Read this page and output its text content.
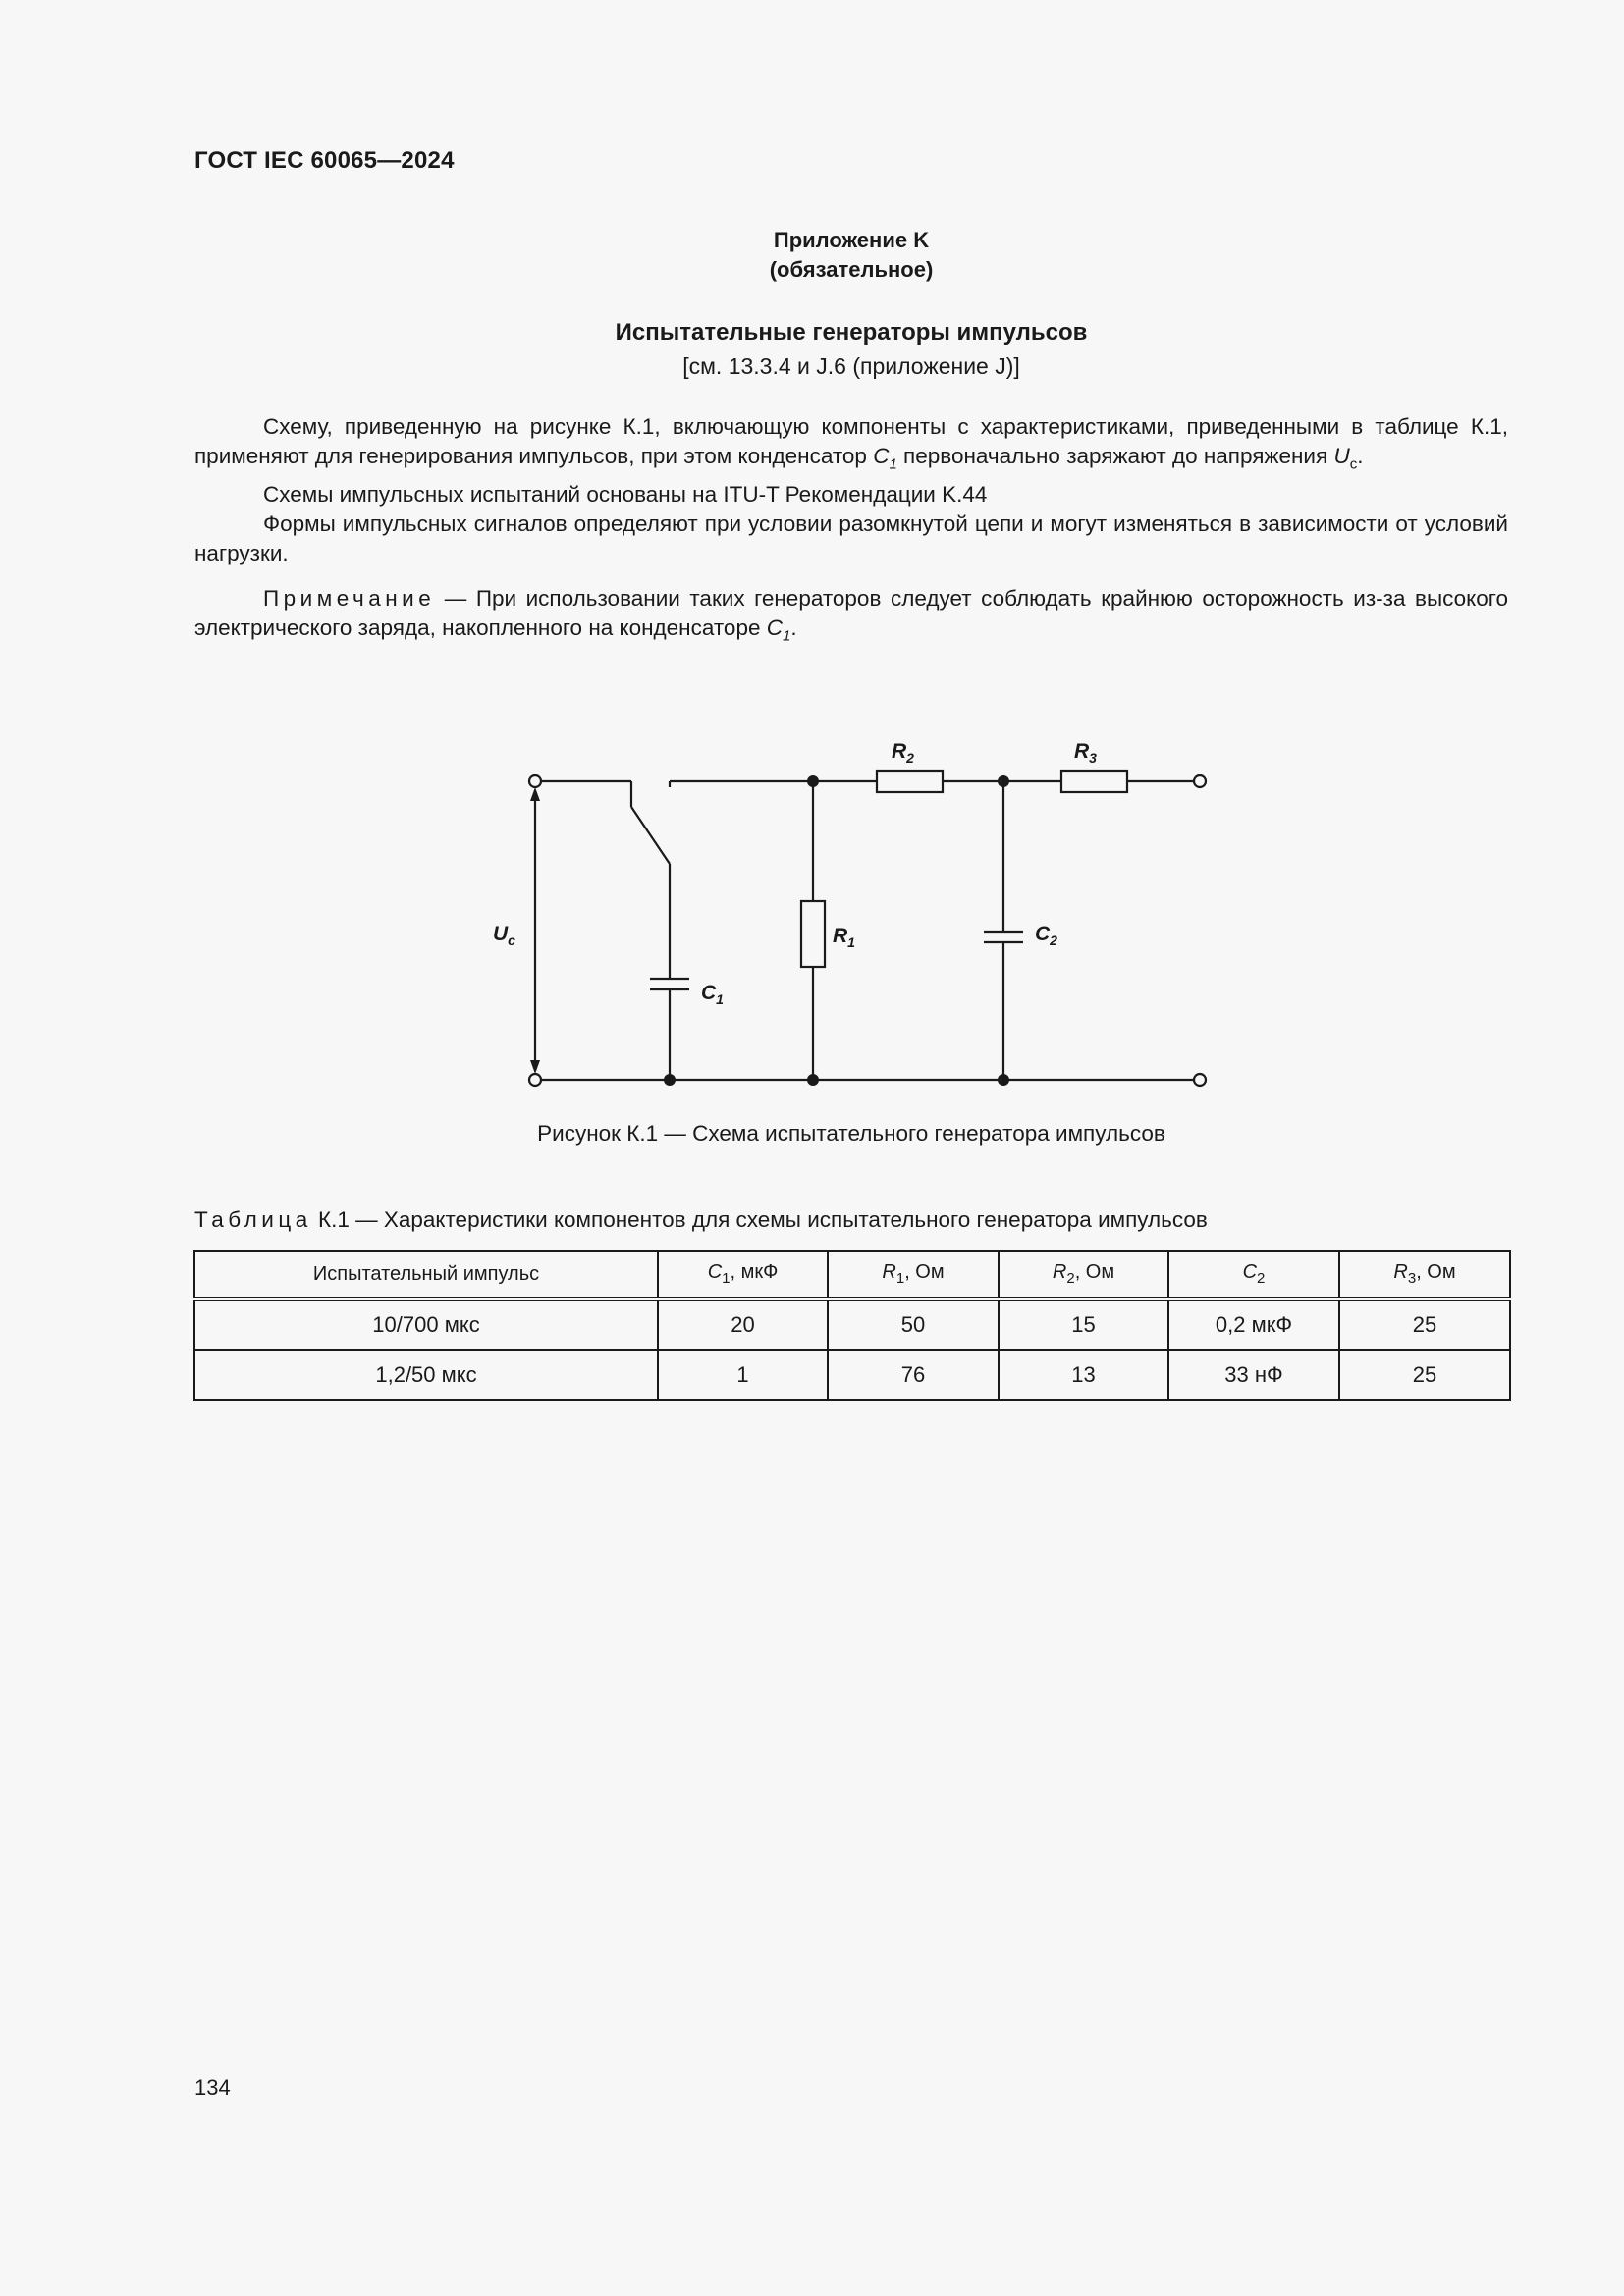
ГОСТ IEC 60065—2024
Приложение K
(обязательное)
Испытательные генераторы импульсов
[см. 13.3.4 и J.6 (приложение J)]

Схему, приведенную на рисунке К.1, включающую компоненты с характеристиками, приведенными в таблице К.1, применяют для генерирования импульсов, при этом конденсатор $C_1$ первоначально заряжают до напряжения $U_c$.

Схемы импульсных испытаний основаны на ITU-T Рекомендации K.44

Формы импульсных сигналов определяют при условии разомкнутой цепи и могут изменяться в зависимости от условий нагрузки.

Примечание — При использовании таких генераторов следует соблюдать крайнюю осторожность из-за высокого электрического заряда, накопленного на конденсаторе $C_1$.

$R_2$	$R_3$
$R_1$	$C_2$
$C_1$
$U_c$
Рисунок К.1 — Схема испытательного генератора импульсов
Таблица К.1 — Характеристики компонентов для схемы испытательного генератора импульсов
Испытательный импульс	$C_1$, мкФ	$R_1$, Ом	$R_2$, Ом	$C_2$	$R_3$, Ом
10/700 мкс	20	50	15	0,2 мкФ	25
1,2/50 мкс	1	76	13	33 нФ	25
134
